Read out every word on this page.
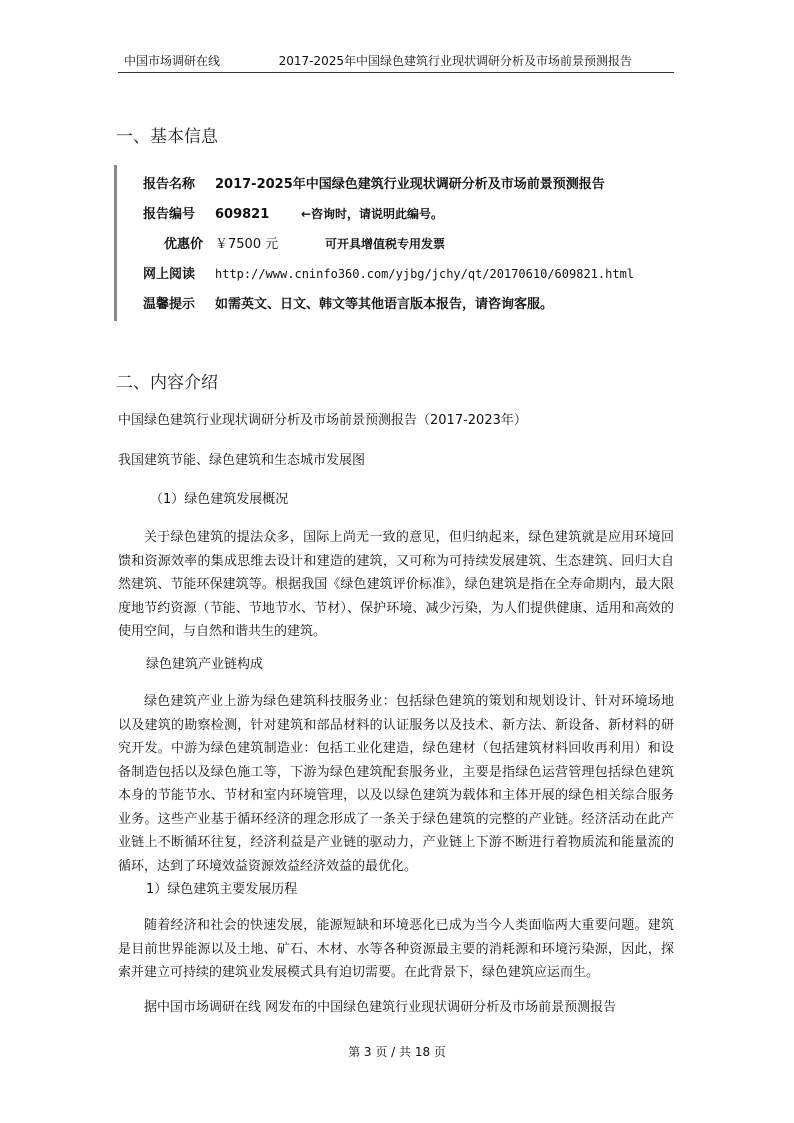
中国市场调研在线	2017-2025年中国绿色建筑行业现状调研分析及市场前景预测报告
一、基本信息
报告名称 2017-2025年中国绿色建筑行业现状调研分析及市场前景预测报告
报告编号 609821	←咨询时，请说明此编号。
优惠价 ￥7500 元	可开具增值税专用发票
网上阅读 http://www.cninfo360.com/yjbg/jchy/qt/20170610/609821.html
温馨提示 如需英文、日文、韩文等其他语言版本报告，请咨询客服。
二、内容介绍
中国绿色建筑行业现状调研分析及市场前景预测报告（2017-2023年）
我国建筑节能、绿色建筑和生态城市发展图
（1）绿色建筑发展概况
关于绿色建筑的提法众多，国际上尚无一致的意见，但归纳起来，绿色建筑就是应用环境回馈和资源效率的集成思维去设计和建造的建筑，又可称为可持续发展建筑、生态建筑、回归大自然建筑、节能环保建筑等。根据我国《绿色建筑评价标准》，绿色建筑是指在全寿命期内，最大限度地节约资源（节能、节地节水、节材）、保护环境、减少污染，为人们提供健康、适用和高效的使用空间，与自然和谐共生的建筑。
绿色建筑产业链构成
绿色建筑产业上游为绿色建筑科技服务业：包括绿色建筑的策划和规划设计、针对环境场地以及建筑的勘察检测，针对建筑和部品材料的认证服务以及技术、新方法、新设备、新材料的研究开发。中游为绿色建筑制造业：包括工业化建造，绿色建材（包括建筑材料回收再利用）和设备制造包括以及绿色施工等，下游为绿色建筑配套服务业，主要是指绿色运营管理包括绿色建筑本身的节能节水、节材和室内环境管理，以及以绿色建筑为载体和主体开展的绿色相关综合服务业务。这些产业基于循环经济的理念形成了一条关于绿色建筑的完整的产业链。经济活动在此产业链上不断循环往复，经济利益是产业链的驱动力，产业链上下游不断进行着物质流和能量流的循环，达到了环境效益资源效益经济效益的最优化。
1）绿色建筑主要发展历程
随着经济和社会的快速发展，能源短缺和环境恶化已成为当今人类面临两大重要问题。建筑是目前世界能源以及土地、矿石、木材、水等各种资源最主要的消耗源和环境污染源，因此，探索并建立可持续的建筑业发展模式具有迫切需要。在此背景下，绿色建筑应运而生。
据中国市场调研在线 网发布的中国绿色建筑行业现状调研分析及市场前景预测报告
第 3 页 / 共 18 页
